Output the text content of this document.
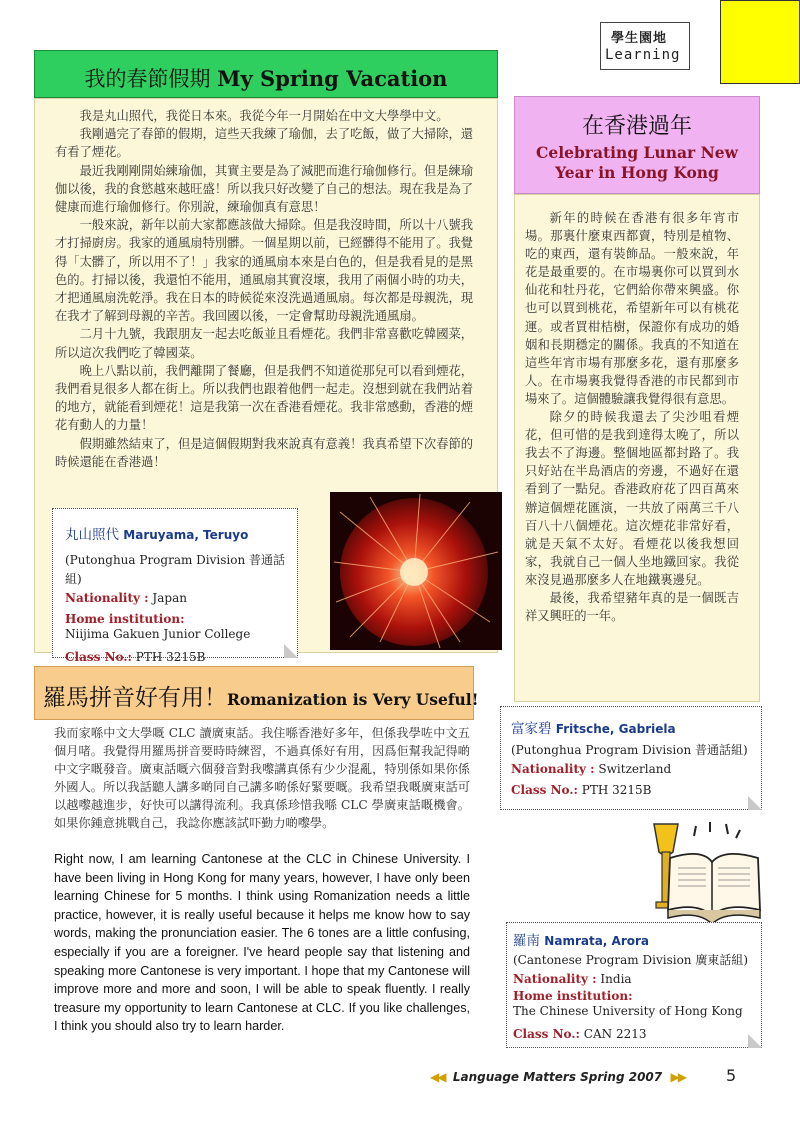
學生園地
Learning
我的春節假期 My Spring Vacation

我是丸山照代，我從日本來。我從今年一月開始在中文大學學中文。

我剛過完了春節的假期，這些天我練了瑜伽，去了吃飯，做了大掃除，還有看了煙花。

最近我剛剛開始練瑜伽，其實主要是為了減肥而進行瑜伽修行。但是練瑜伽以後，我的食慾越來越旺盛！所以我只好改變了自己的想法。現在我是為了健康而進行瑜伽修行。你別說，練瑜伽真有意思！

一般來說，新年以前大家都應該做大掃除。但是我沒時間，所以十八號我才打掃廚房。我家的通風扇特別髒。一個星期以前，已經髒得不能用了。我覺得「太髒了，所以用不了！」我家的通風扇本來是白色的，但是我看見的是黑色的。打掃以後，我還怕不能用，通風扇其實沒壞，我用了兩個小時的功夫，才把通風扇洗乾淨。我在日本的時候從來沒洗過通風扇。每次都是母親洗，現在我才了解到母親的辛苦。我回國以後，一定會幫助母親洗通風扇。

二月十九號，我跟朋友一起去吃飯並且看煙花。我們非常喜歡吃韓國菜，所以這次我們吃了韓國菜。

晚上八點以前，我們離開了餐廳，但是我們不知道從那兒可以看到煙花，我們看見很多人都在街上。所以我們也跟着他們一起走。沒想到就在我們站着的地方，就能看到煙花！這是我第一次在香港看煙花。我非常感動，香港的煙花有動人的力量！

假期雖然結束了，但是這個假期對我來說真有意義！我真希望下次春節的時候還能在香港過！

丸山照代 Maruyama, Teruyo
(Putonghua Program Division 普通話組)
Nationality : Japan
Home institution:
Niijima Gakuen Junior College
Class No.: PTH 3215B
在香港過年
Celebrating Lunar New
Year in Hong Kong

新年的時候在香港有很多年宵市場。那裏什麼東西都賣，特別是植物、吃的東西，還有裝飾品。一般來說，年花是最重要的。在市場裏你可以買到水仙花和牡丹花，它們給你帶來興盛。你也可以買到桃花，希望新年可以有桃花運。或者買柑桔樹，保證你有成功的婚姻和長期穩定的關係。我真的不知道在這些年宵市場有那麼多花，還有那麼多人。在市場裏我覺得香港的市民都到市場來了。這個體驗讓我覺得很有意思。

除夕的時候我還去了尖沙咀看煙花，但可惜的是我到達得太晚了，所以我去不了海邊。整個地區都封路了。我只好站在半島酒店的旁邊，不過好在還看到了一點兒。香港政府花了四百萬來辦這個煙花匯演，一共放了兩萬三千八百八十八個煙花。這次煙花非常好看，就是天氣不太好。看煙花以後我想回家，我就自己一個人坐地鐵回家。我從來沒見過那麼多人在地鐵裏邊兒。

最後，我希望豬年真的是一個既吉祥又興旺的一年。

富家碧 Fritsche, Gabriela
(Putonghua Program Division 普通話組)
Nationality : Switzerland
Class No.: PTH 3215B
羅南 Namrata, Arora
(Cantonese Program Division 廣東話組)
Nationality : India
Home institution:
The Chinese University of Hong Kong
Class No.: CAN 2213
羅馬拼音好有用！Romanization is Very Useful!
我而家喺中文大學嘅 CLC 讀廣東話。我住喺香港好多年，但係我學咗中文五個月啫。我覺得用羅馬拼音要時時練習，不過真係好有用，因爲佢幫我記得啲中文字嘅發音。廣東話嘅六個發音對我嚟講真係有少少混亂，特別係如果你係外國人。所以我話聽人講多啲同自己講多啲係好緊要嘅。我希望我嘅廣東話可以越嚟越進步，好快可以講得流利。我真係珍惜我喺 CLC 學廣東話嘅機會。如果你鍾意挑戰自己，我諗你應該試吓勤力啲嚟學。
Right now, I am learning Cantonese at the CLC in Chinese University. I have been living in Hong Kong for many years, however, I have only been learning Chinese for 5 months. I think using Romanization needs a little practice, however, it is really useful because it helps me know how to say words, making the pronunciation easier. The 6 tones are a little confusing, especially if you are a foreigner. I've heard people say that listening and speaking more Cantonese is very important. I hope that my Cantonese will improve more and more and soon, I will be able to speak fluently. I really treasure my opportunity to learn Cantonese at CLC. If you like challenges, I think you should also try to learn harder.
◀◀ Language Matters Spring 2007 ▶▶	5
